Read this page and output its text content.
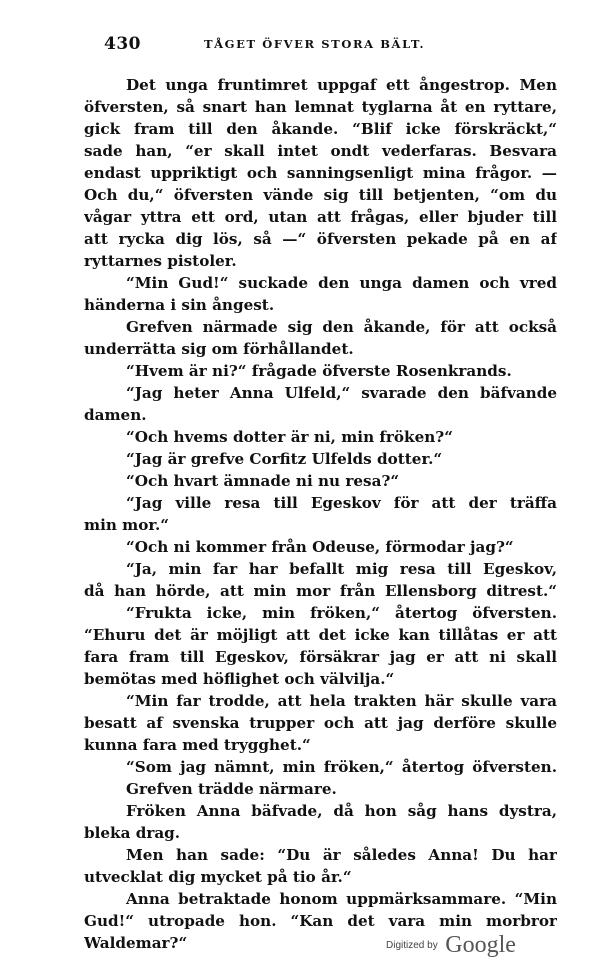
430	TÅGET ÖFVER STORA BÄLT.
Det unga fruntimret uppgaf ett ångestrop. Men
öfversten, så snart han lemnat tyglarna åt en ryttare,
gick fram till den åkande. “Blif icke förskräckt,“
sade han, “er skall intet ondt vederfaras. Besvara
endast uppriktigt och sanningsenligt mina frågor. —
Och du,“ öfversten vände sig till betjenten, “om du
vågar yttra ett ord, utan att frågas, eller bjuder till
att rycka dig lös, så —“ öfversten pekade på en af
ryttarnes pistoler.
“Min Gud!“ suckade den unga damen och vred
händerna i sin ångest.
Grefven närmade sig den åkande, för att också
underrätta sig om förhållandet.
“Hvem är ni?“ frågade öfverste Rosenkrands.
“Jag heter Anna Ulfeld,“ svarade den bäfvande
damen.
“Och hvems dotter är ni, min fröken?“
“Jag är grefve Corfitz Ulfelds dotter.“
“Och hvart ämnade ni nu resa?“
“Jag ville resa till Egeskov för att der träffa
min mor.“
“Och ni kommer från Odeuse, förmodar jag?“
“Ja, min far har befallt mig resa till Egeskov,
då han hörde, att min mor från Ellensborg ditrest.“
“Frukta icke, min fröken,“ återtog öfversten.
“Ehuru det är möjligt att det icke kan tillåtas er att
fara fram till Egeskov, försäkrar jag er att ni skall
bemötas med höflighet och välvilja.“
“Min far trodde, att hela trakten här skulle vara
besatt af svenska trupper och att jag derföre skulle
kunna fara med trygghet.“
“Som jag nämnt, min fröken,“ återtog öfversten.
Grefven trädde närmare.
Fröken Anna bäfvade, då hon såg hans dystra,
bleka drag.
Men han sade: “Du är således Anna! Du har
utvecklat dig mycket på tio år.“
Anna betraktade honom uppmärksammare. “Min
Gud!“ utropade hon. “Kan det vara min morbror
Waldemar?“	Digitized by Google
